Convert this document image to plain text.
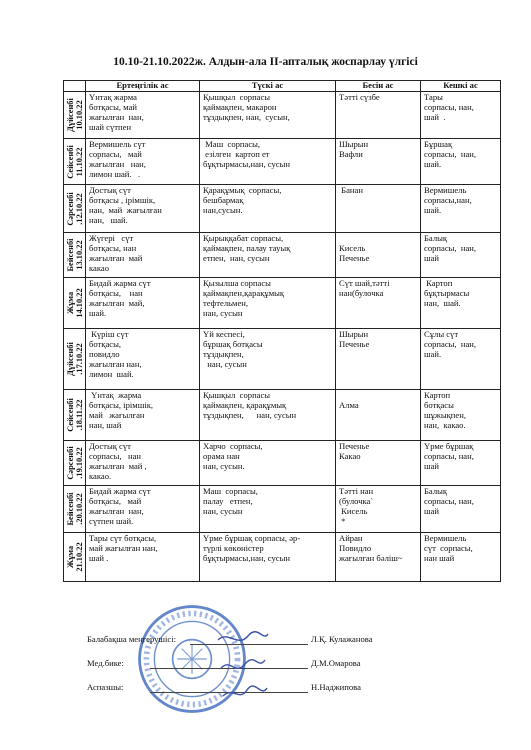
10.10-21.10.2022ж. Алдын-ала ІІ-апталық жоспарлау үлгісі
	Ертеңгілік ас	Түскі ас	Бесін ас	Кешкі ас

Дүйсенбі
10.10.22	Үнтақ жарма
ботқасы, май
жағылған  нан,
шай сүтпен	Қышқыл  сорпасы
қаймақпен, макарон
тұздықпен, нан,  сусын,	Тәтті сүзбе	Тары
сорпасы, нан,
шай  .

Сейсенбі
11.10.22	Вермишель сүт
сорпасы,   май
жағылған   нан,
лимон шай.   .	Маш  сорпасы,
езілген  картоп ет
бұқтырмасы,нан, сусын	Шырын
Вафли	Бұршақ
сорпасы,  нан,
шай.

Сәрсенбі
.12.10.22	Достық сүт
ботқасы , ірімшік,
нан,  май  жағылған
нан,   шай.	Қарақұмық  сорпасы,
бешбармақ
нан,сусын.	Банан	Вермишель
сорпасы,нан,
шай.

Бейсенбі
13.10.22	Жүгері   сүт
ботқасы, нан
жағылған  май
какао	Қырыққабат сорпасы,
қаймақпен, палау тауық
етпен,  нан, сусын	
Кисель
Печенье	Балық
сорпасы,  нан,
шай

Жұма
14.10.22	Бидай жарма сүт
ботқасы,    нан
жағылған  май,
шай.	Қызылша сорпасы
қаймақпен,қарақұмық
тефтельмен,
нан, сусын	Сүт шай,тәтті
нан(булочка	Картоп
бұқтырмасы
нан,  шай.

Дүйсенбі
.17.10.22	Күріш сүт
ботқасы,
повидло
жағылған нан,
лимон  шай.	Үй кеспесі,
бұршақ ботқасы
тұздықпен,
нан, сусын	Шырын
Печенье	Сұлы сүт
сорпасы,  нан,
шай.

Сейсенбі
.18.11.22	Үнтақ  жарма
ботқасы, ірімшік,
май   жағылған
нан, шай	Қышқыл  сорпасы
қаймақпен, қарақұмық
тұздықпен,      нан, сусын	
Алма	Картоп
ботқасы
шұжықпен,
нан,  какао.

Сәрсенбі
.19.10.22	Достық сүт
сорпасы,   нан
жағылған  май ,
какао.	Харчо  сорпасы,
орама нан
нан, сусын.	Печенье
Какао	Үрме бұршақ
сорпасы, нан,
шай

Бейсенбі
.20.10.22	Бидай жарма сүт
ботқасы,   май
жағылған  нан,
сүтпен шай.	Маш  сорпасы,
палау   етпен,
нан, сусын	Тәтті нан
(булочка`
Кисель
*	Балық
сорпасы, нан,
шай

Жұма
21.10.22	Тары сүт ботқасы,
май жағылған нан,
шай .	Үрме бұршақ сорпасы, әр-
түрлі көкөністер
бұқтырмасы,нан, сусын	Айран
Повидло
жағылған бәліш~	Вермишель
сүт  сорпасы,
нан шай
Балабақша меңгерушісі:	Л.Қ. Кулажанова
Мед.бике:	Д.М.Омарова
Аспазшы:	Н.Наджипова
